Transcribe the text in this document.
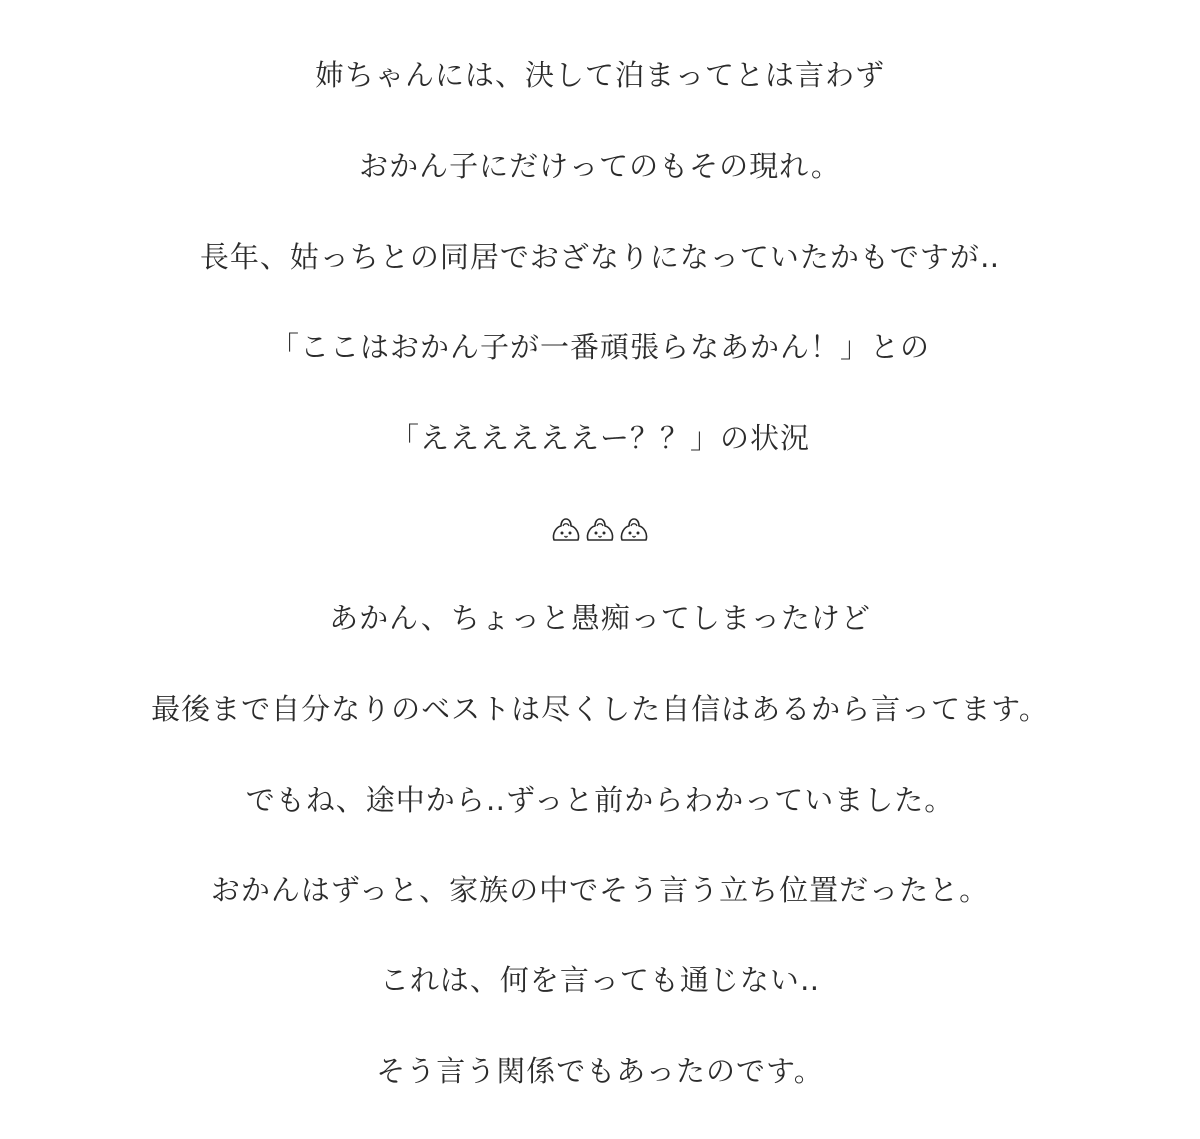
姉ちゃんには、決して泊まってとは言わず
おかん子にだけってのもその現れ。
長年、姑っちとの同居でおざなりになっていたかもですが‥
「ここはおかん子が一番頑張らなあかん！」との
「ええええええー？？」の状況
あかん、ちょっと愚痴ってしまったけど
最後まで自分なりのベストは尽くした自信はあるから言ってます。
でもね、途中から‥ずっと前からわかっていました。
おかんはずっと、家族の中でそう言う立ち位置だったと。
これは、何を言っても通じない‥
そう言う関係でもあったのです。
